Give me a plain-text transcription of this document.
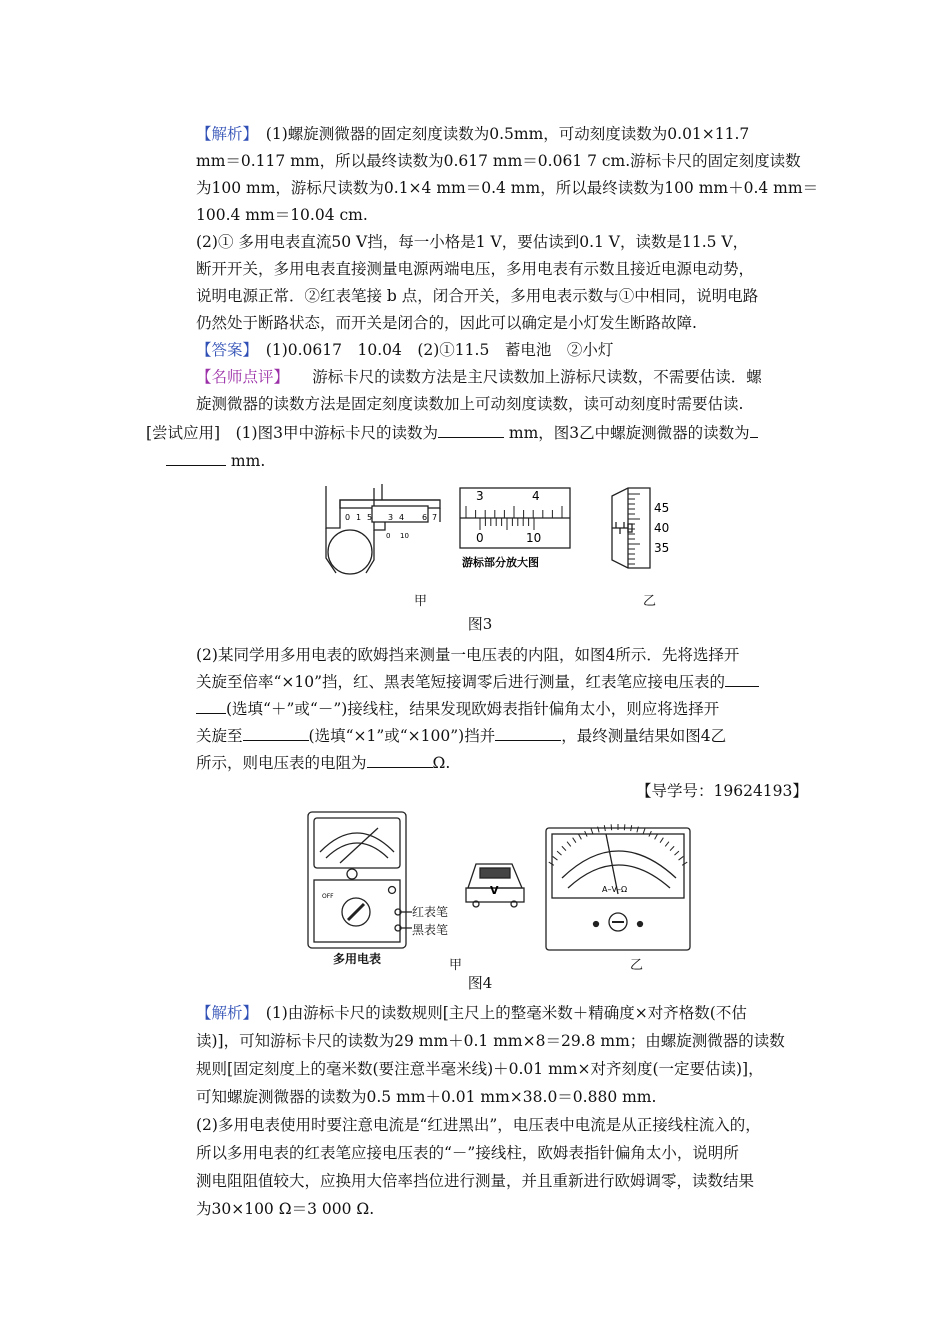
【解析】　 (1)螺旋测微器的固定刻度读数为0.5mm，可动刻度读数为0.01×11.7
mm＝0.117 mm，所以最终读数为0.617 mm＝0.061 7 cm.游标卡尺的固定刻度读数
为100 mm，游标尺读数为0.1×4 mm＝0.4 mm，所以最终读数为100 mm＋0.4 mm＝
100.4 mm＝10.04 cm.
(2)① 多用电表直流50 V挡，每一小格是1 V，要估读到0.1 V，读数是11.5 V，
断开开关，多用电表直接测量电源两端电压，多用电表有示数且接近电源电动势，
说明电源正常．②红表笔接 b 点，闭合开关，多用电表示数与①中相同，说明电路
仍然处于断路状态，而开关是闭合的，因此可以确定是小灯发生断路故障.
【答案】　 (1)0.0617　10.04　(2)①11.5　蓄电池　②小灯
【名师点评】　　 游标卡尺的读数方法是主尺读数加上游标尺读数，不需要估读．螺
旋测微器的读数方法是固定刻度读数加上可动刻度读数，读可动刻度时需要估读.
[尝试应用]　 (1)图3甲中游标卡尺的读数为	mm，图3乙中螺旋测微器的读数为
mm.
0 1 5 3 4 6 7
0 10
3	4
0	10
游标部分放大图
45
40
35
甲	乙
图3
(2)某同学用多用电表的欧姆挡来测量一电压表的内阻，如图4所示．先将选择开
关旋至倍率“×10”挡，红、黑表笔短接调零后进行测量，红表笔应接电压表的
(选填“＋”或“－”)接线柱，结果发现欧姆表指针偏角太小，则应将选择开
关旋至	(选填“×1”或“×100”)挡并	，最终测量结果如图4乙
所示，则电压表的电阻为	Ω.
【导学号：19624193】
OFF	V	A–V–Ω
红表笔
黑表笔
多用电表	甲	乙
图4
【解析】　 (1)由游标卡尺的读数规则[主尺上的整毫米数＋精确度×对齐格数(不估
读)]，可知游标卡尺的读数为29 mm＋0.1 mm×8＝29.8 mm；由螺旋测微器的读数
规则[固定刻度上的毫米数(要注意半毫米线)＋0.01 mm×对齐刻度(一定要估读)]，
可知螺旋测微器的读数为0.5 mm＋0.01 mm×38.0＝0.880 mm.
(2)多用电表使用时要注意电流是“红进黑出”，电压表中电流是从正接线柱流入的，
所以多用电表的红表笔应接电压表的“－”接线柱，欧姆表指针偏角太小，说明所
测电阻阻值较大，应换用大倍率挡位进行测量，并且重新进行欧姆调零，读数结果
为30×100 Ω＝3 000 Ω.
